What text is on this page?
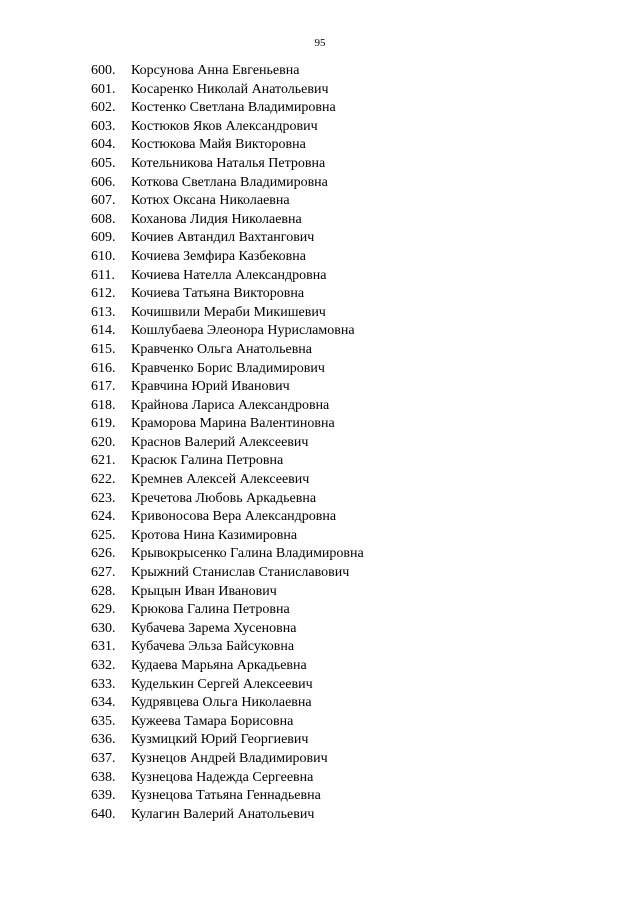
95
600. Корсунова Анна Евгеньевна
601. Косаренко Николай Анатольевич
602. Костенко Светлана Владимировна
603. Костюков Яков Александрович
604. Костюкова Майя Викторовна
605. Котельникова Наталья Петровна
606. Коткова Светлана Владимировна
607. Котюх Оксана Николаевна
608. Коханова Лидия Николаевна
609. Кочиев Автандил Вахтангович
610. Кочиева Земфира Казбековна
611. Кочиева Нателла Александровна
612. Кочиева Татьяна Викторовна
613. Кочишвили Мераби Микишевич
614. Кошлубаева Элеонора Нурисламовна
615. Кравченко Ольга Анатольевна
616. Кравченко Борис Владимирович
617. Кравчина Юрий Иванович
618. Крайнова Лариса Александровна
619. Краморова Марина Валентиновна
620. Краснов Валерий Алексеевич
621. Красюк Галина Петровна
622. Кремнев Алексей Алексеевич
623. Кречетова Любовь Аркадьевна
624. Кривоносова Вера Александровна
625. Кротова Нина Казимировна
626. Крывокрысенко Галина Владимировна
627. Крыжний Станислав Станиславович
628. Крыцын Иван Иванович
629. Крюкова Галина Петровна
630. Кубачева Зарема Хусеновна
631. Кубачева Эльза Байсуковна
632. Кудаева Марьяна Аркадьевна
633. Куделькин Сергей Алексеевич
634. Кудрявцева Ольга Николаевна
635. Кужеева Тамара Борисовна
636. Кузмицкий Юрий Георгиевич
637. Кузнецов Андрей Владимирович
638. Кузнецова Надежда Сергеевна
639. Кузнецова Татьяна Геннадьевна
640. Кулагин Валерий Анатольевич
